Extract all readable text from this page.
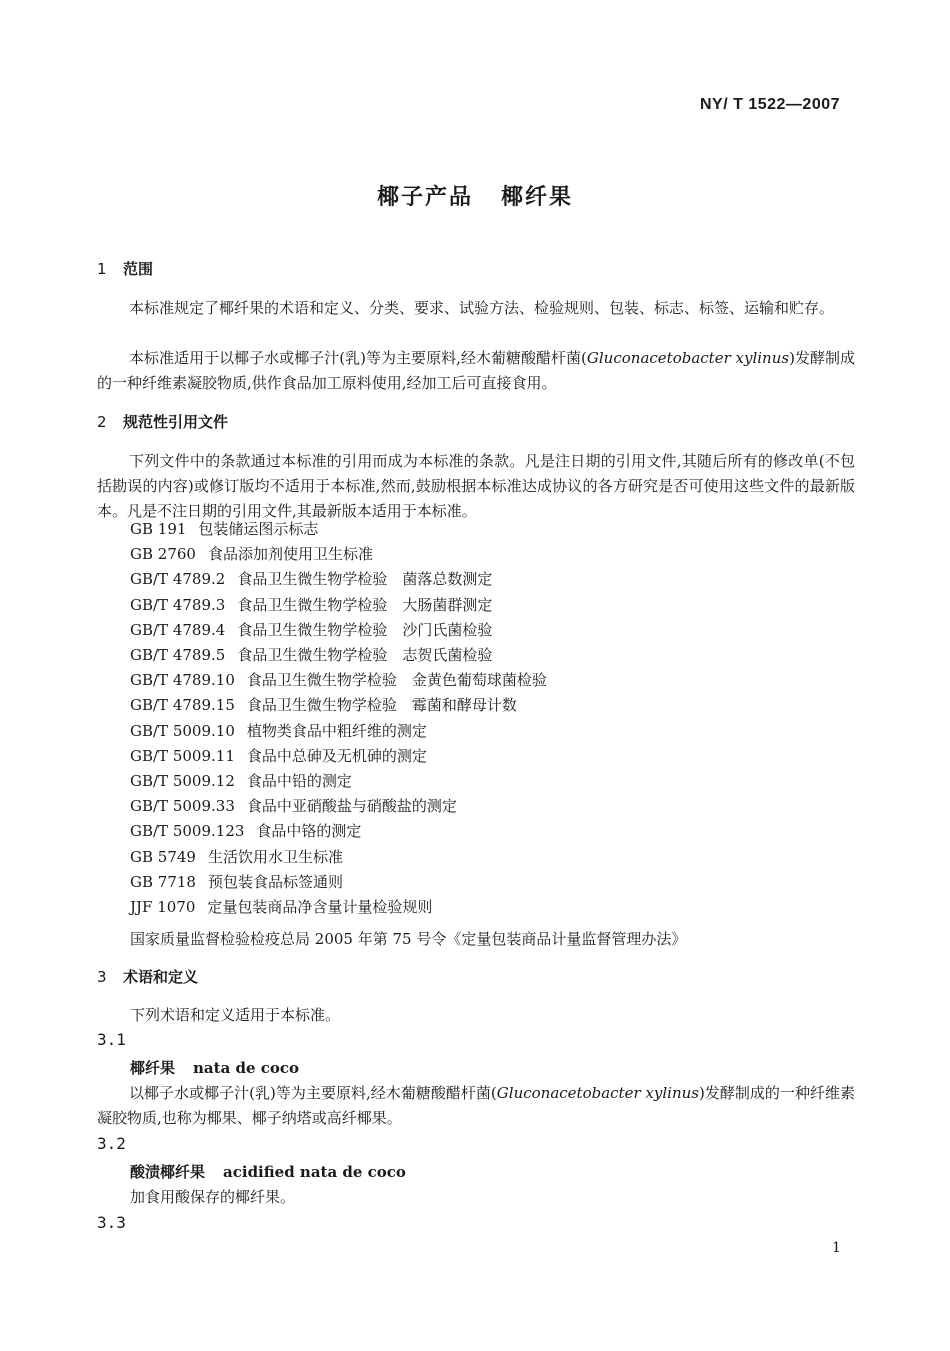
NY/ T 1522—2007
椰子产品 椰纤果
1 范围

本标准规定了椰纤果的术语和定义、分类、要求、试验方法、检验规则、包装、标志、标签、运输和贮存。

本标准适用于以椰子水或椰子汁(乳)等为主要原料,经木葡糖酸醋杆菌(Gluconacetobacter xylinus)发酵制成的一种纤维素凝胶物质,供作食品加工原料使用,经加工后可直接食用。

2 规范性引用文件

下列文件中的条款通过本标准的引用而成为本标准的条款。凡是注日期的引用文件,其随后所有的修改单(不包括勘误的内容)或修订版均不适用于本标准,然而,鼓励根据本标准达成协议的各方研究是否可使用这些文件的最新版本。凡是不注日期的引用文件,其最新版本适用于本标准。

GB 191 包装储运图示标志
GB 2760 食品添加剂使用卫生标准
GB/T 4789.2 食品卫生微生物学检验　菌落总数测定
GB/T 4789.3 食品卫生微生物学检验　大肠菌群测定
GB/T 4789.4 食品卫生微生物学检验　沙门氏菌检验
GB/T 4789.5 食品卫生微生物学检验　志贺氏菌检验
GB/T 4789.10 食品卫生微生物学检验　金黄色葡萄球菌检验
GB/T 4789.15 食品卫生微生物学检验　霉菌和酵母计数
GB/T 5009.10 植物类食品中粗纤维的测定
GB/T 5009.11 食品中总砷及无机砷的测定
GB/T 5009.12 食品中铅的测定
GB/T 5009.33 食品中亚硝酸盐与硝酸盐的测定
GB/T 5009.123 食品中铬的测定
GB 5749 生活饮用水卫生标准
GB 7718 预包装食品标签通则
JJF 1070 定量包装商品净含量计量检验规则
国家质量监督检验检疫总局 2005 年第 75 号令《定量包装商品计量监督管理办法》
3 术语和定义
下列术语和定义适用于本标准。
3.1
椰纤果 nata de coco

以椰子水或椰子汁(乳)等为主要原料,经木葡糖酸醋杆菌(Gluconacetobacter xylinus)发酵制成的一种纤维素凝胶物质,也称为椰果、椰子纳塔或高纤椰果。

3.2
酸渍椰纤果 acidified nata de coco
加食用酸保存的椰纤果。
3.3
1
